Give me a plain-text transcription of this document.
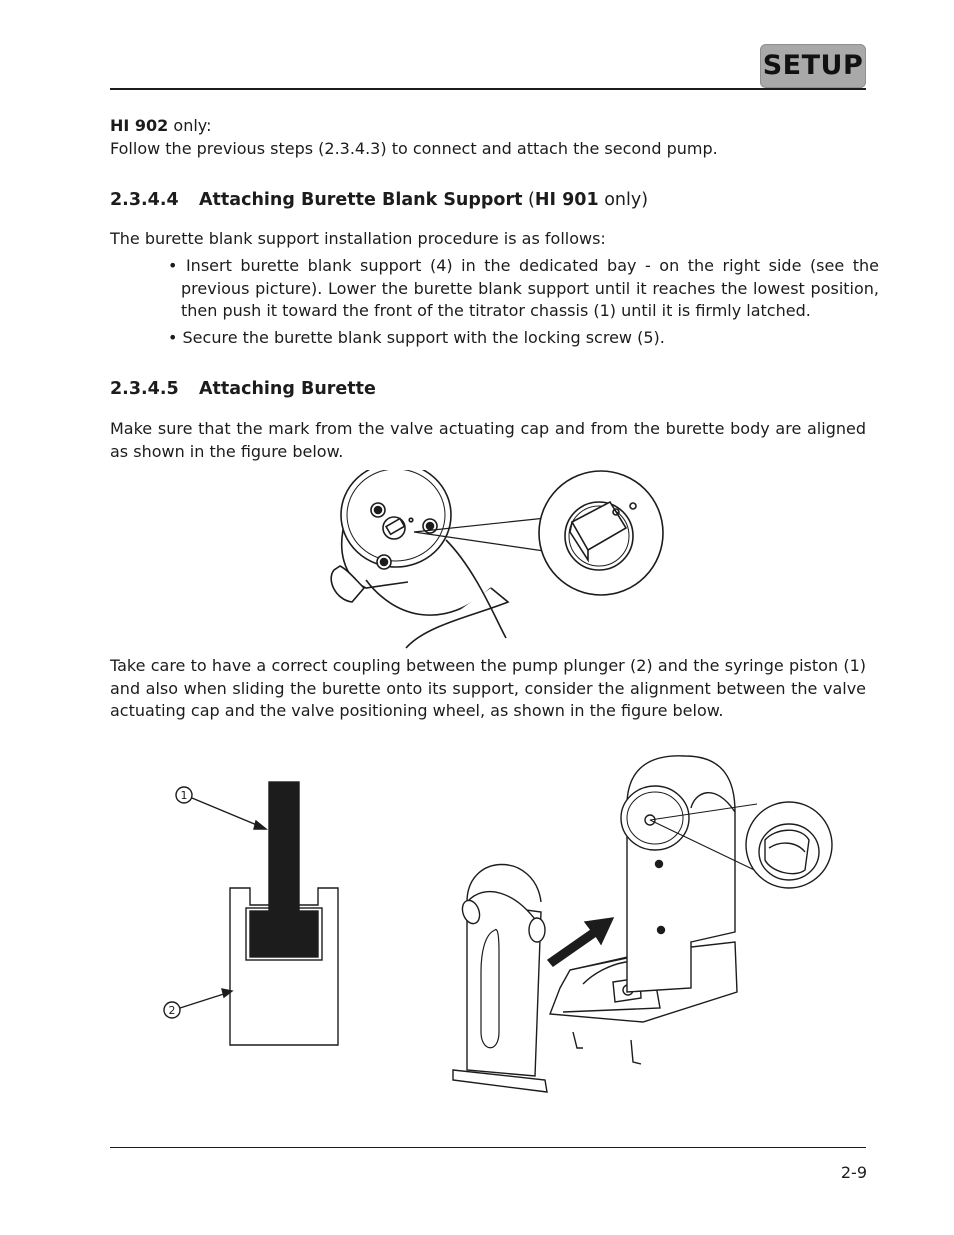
SETUP
HI 902 only:
Follow the previous steps (2.3.4.3) to connect and attach the second pump.
2.3.4.4 Attaching Burette Blank Support (HI 901 only)
The burette blank support installation procedure is as follows:
• Insert burette blank support (4) in the dedicated bay - on the right side (see the previous picture). Lower the burette blank support until it reaches the lowest position, then push it toward the front of the titrator chassis (1) until it is firmly latched.
• Secure the burette blank support with the locking screw (5).
2.3.4.5 Attaching Burette
Make sure that the mark from the valve actuating cap and from the burette body are aligned as shown in the figure below.
Take care to have a correct coupling between the pump plunger (2) and the syringe piston (1) and also when sliding the burette onto its support, consider the alignment between the valve actuating cap and the valve positioning wheel, as shown in the figure below.
1
2
2-9
